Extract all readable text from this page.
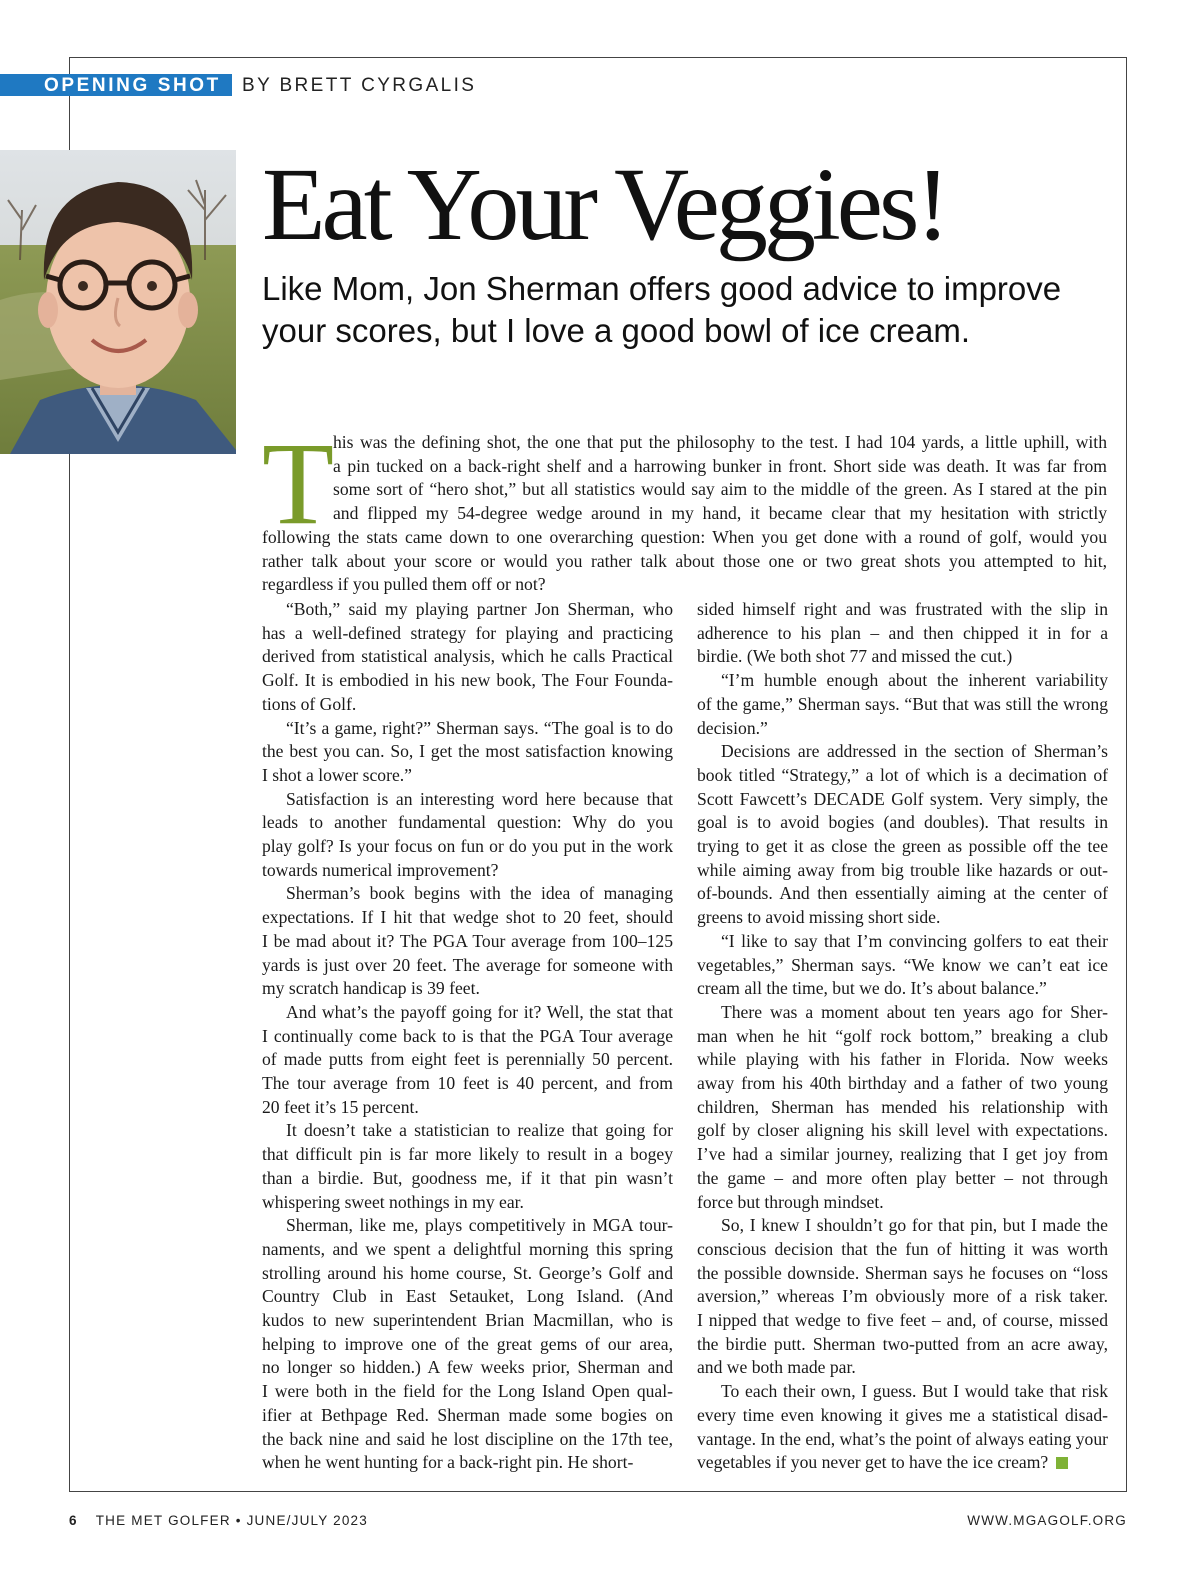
OPENING SHOT BY BRETT CYRGALIS
Eat Your Veggies!

Like Mom, Jon Sherman offers good advice to improve your scores, but I love a good bowl of ice cream.

T
his was the defining shot, the one that put the philosophy to the test. I had 104 yards, a little uphill, with
a pin tucked on a back-right shelf and a harrowing bunker in front. Short side was death. It was far from
some sort of “hero shot,” but all statistics would say aim to the middle of the green. As I stared at the pin
and flipped my 54-degree wedge around in my hand, it became clear that my hesitation with strictly
following the stats came down to one overarching question: When you get done with a round of golf, would you
rather talk about your score or would you rather talk about those one or two great shots you attempted to hit,
regardless if you pulled them off or not?
“Both,” said my playing partner Jon Sherman, who
has a well-defined strategy for playing and practicing
derived from statistical analysis, which he calls Practical
Golf. It is embodied in his new book, The Four Founda-
tions of Golf.
“It’s a game, right?” Sherman says. “The goal is to do
the best you can. So, I get the most satisfaction knowing
I shot a lower score.”
Satisfaction is an interesting word here because that
leads to another fundamental question: Why do you
play golf? Is your focus on fun or do you put in the work
towards numerical improvement?
Sherman’s book begins with the idea of managing
expectations. If I hit that wedge shot to 20 feet, should
I be mad about it? The PGA Tour average from 100–125
yards is just over 20 feet. The average for someone with
my scratch handicap is 39 feet.
And what’s the payoff going for it? Well, the stat that
I continually come back to is that the PGA Tour average
of made putts from eight feet is perennially 50 percent.
The tour average from 10 feet is 40 percent, and from
20 feet it’s 15 percent.
It doesn’t take a statistician to realize that going for
that difficult pin is far more likely to result in a bogey
than a birdie. But, goodness me, if it that pin wasn’t
whispering sweet nothings in my ear.
Sherman, like me, plays competitively in MGA tour-
naments, and we spent a delightful morning this spring
strolling around his home course, St. George’s Golf and
Country Club in East Setauket, Long Island. (And
kudos to new superintendent Brian Macmillan, who is
helping to improve one of the great gems of our area,
no longer so hidden.) A few weeks prior, Sherman and
I were both in the field for the Long Island Open qual-
ifier at Bethpage Red. Sherman made some bogies on
the back nine and said he lost discipline on the 17th tee,
when he went hunting for a back-right pin. He short-
sided himself right and was frustrated with the slip in
adherence to his plan – and then chipped it in for a
birdie. (We both shot 77 and missed the cut.)
“I’m humble enough about the inherent variability
of the game,” Sherman says. “But that was still the wrong
decision.”
Decisions are addressed in the section of Sherman’s
book titled “Strategy,” a lot of which is a decimation of
Scott Fawcett’s DECADE Golf system. Very simply, the
goal is to avoid bogies (and doubles). That results in
trying to get it as close the green as possible off the tee
while aiming away from big trouble like hazards or out-
of-bounds. And then essentially aiming at the center of
greens to avoid missing short side.
“I like to say that I’m convincing golfers to eat their
vegetables,” Sherman says. “We know we can’t eat ice
cream all the time, but we do. It’s about balance.”
There was a moment about ten years ago for Sher-
man when he hit “golf rock bottom,” breaking a club
while playing with his father in Florida. Now weeks
away from his 40th birthday and a father of two young
children, Sherman has mended his relationship with
golf by closer aligning his skill level with expectations.
I’ve had a similar journey, realizing that I get joy from
the game – and more often play better – not through
force but through mindset.
So, I knew I shouldn’t go for that pin, but I made the
conscious decision that the fun of hitting it was worth
the possible downside. Sherman says he focuses on “loss
aversion,” whereas I’m obviously more of a risk taker.
I nipped that wedge to five feet – and, of course, missed
the birdie putt. Sherman two-putted from an acre away,
and we both made par.
To each their own, I guess. But I would take that risk
every time even knowing it gives me a statistical disad-
vantage. In the end, what’s the point of always eating your
vegetables if you never get to have the ice cream?
6 THE MET GOLFER • JUNE/JULY 2023	WWW.MGAGOLF.ORG
